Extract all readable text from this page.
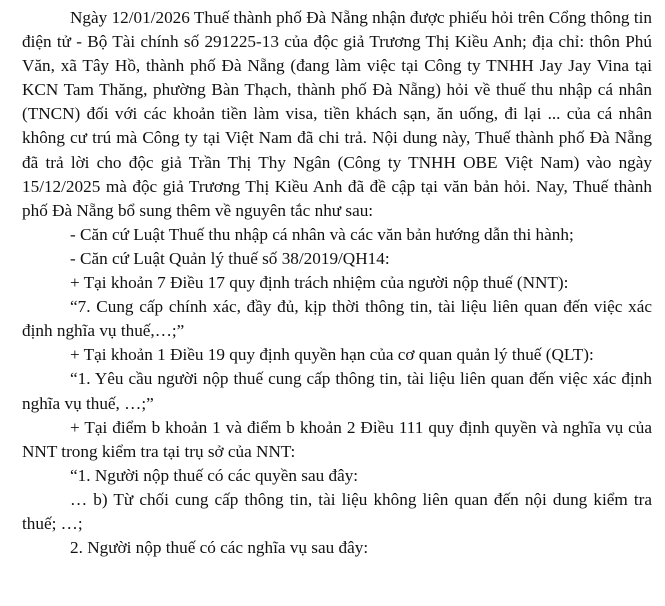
Ngày 12/01/2026 Thuế thành phố Đà Nẵng nhận được phiếu hỏi trên Cổng thông tin điện tử - Bộ Tài chính số 291225-13 của độc giả Trương Thị Kiều Anh; địa chỉ: thôn Phú Văn, xã Tây Hồ, thành phố Đà Nẵng (đang làm việc tại Công ty TNHH Jay Jay Vina tại KCN Tam Thăng, phường Bàn Thạch, thành phố Đà Nẵng) hỏi về thuế thu nhập cá nhân (TNCN) đối với các khoản tiền làm visa, tiền khách sạn, ăn uống, đi lại ... của cá nhân không cư trú mà Công ty tại Việt Nam đã chi trả. Nội dung này, Thuế thành phố Đà Nẵng đã trả lời cho độc giả Trần Thị Thy Ngân (Công ty TNHH OBE Việt Nam) vào ngày 15/12/2025 mà độc giả Trương Thị Kiều Anh đã đề cập tại văn bản hỏi. Nay, Thuế thành phố Đà Nẵng bổ sung thêm về nguyên tắc như sau:

- Căn cứ Luật Thuế thu nhập cá nhân và các văn bản hướng dẫn thi hành;

- Căn cứ Luật Quản lý thuế số 38/2019/QH14:

+ Tại khoản 7 Điều 17 quy định trách nhiệm của người nộp thuế (NNT):

“7. Cung cấp chính xác, đầy đủ, kịp thời thông tin, tài liệu liên quan đến việc xác định nghĩa vụ thuế,…;”

+ Tại khoản 1 Điều 19 quy định quyền hạn của cơ quan quản lý thuế (QLT):

“1. Yêu cầu người nộp thuế cung cấp thông tin, tài liệu liên quan đến việc xác định nghĩa vụ thuế, …;”

+ Tại điểm b khoản 1 và điểm b khoản 2 Điều 111 quy định quyền và nghĩa vụ của NNT trong kiểm tra tại trụ sở của NNT:

“1. Người nộp thuế có các quyền sau đây:

… b) Từ chối cung cấp thông tin, tài liệu không liên quan đến nội dung kiểm tra thuế; …;

2. Người nộp thuế có các nghĩa vụ sau đây:
